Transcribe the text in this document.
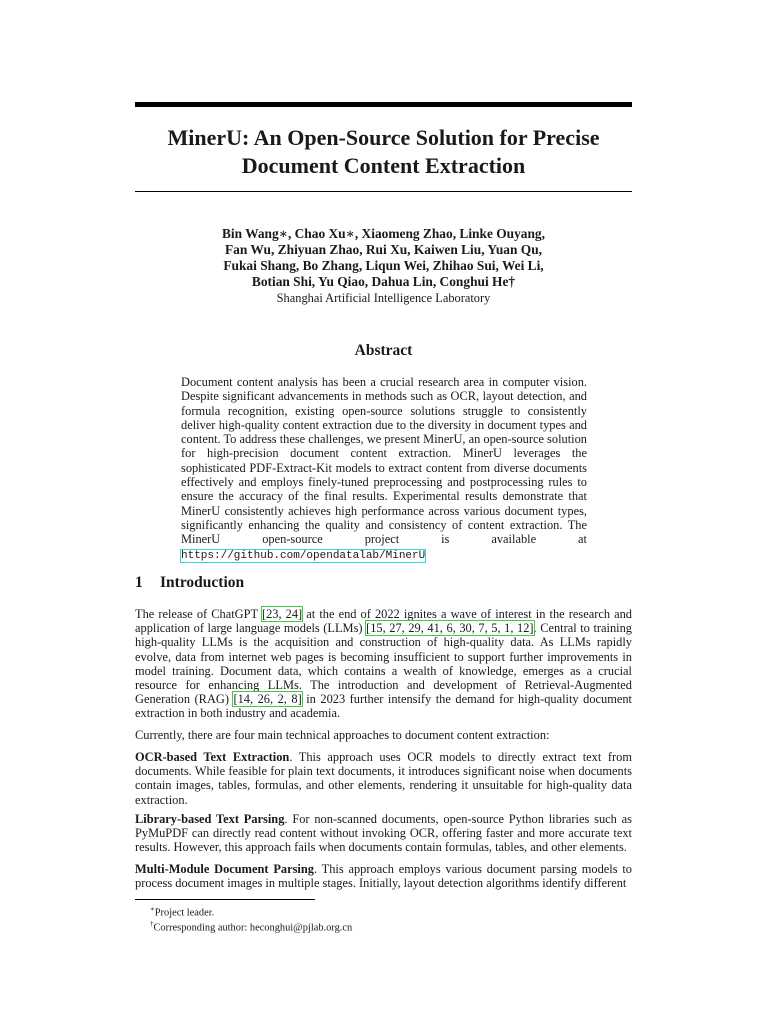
MinerU: An Open-Source Solution for Precise
Document Content Extraction
Bin Wang∗, Chao Xu∗, Xiaomeng Zhao, Linke Ouyang,
Fan Wu, Zhiyuan Zhao, Rui Xu, Kaiwen Liu, Yuan Qu,
Fukai Shang, Bo Zhang, Liqun Wei, Zhihao Sui, Wei Li,
Botian Shi, Yu Qiao, Dahua Lin, Conghui He†
Shanghai Artificial Intelligence Laboratory
Abstract
Document content analysis has been a crucial research area in computer vision. Despite significant advancements in methods such as OCR, layout detection, and formula recognition, existing open-source solutions struggle to consistently deliver high-quality content extraction due to the diversity in document types and content. To address these challenges, we present MinerU, an open-source solution for high-precision document content extraction. MinerU leverages the sophisticated PDF-Extract-Kit models to extract content from diverse documents effectively and employs finely-tuned preprocessing and postprocessing rules to ensure the accuracy of the final results. Experimental results demonstrate that MinerU consistently achieves high performance across various document types, significantly enhancing the quality and consistency of content extraction. The MinerU open-source project is available at https://github.com/opendatalab/MinerU
1 Introduction

The release of ChatGPT [23, 24] at the end of 2022 ignites a wave of interest in the research and application of large language models (LLMs) [15, 27, 29, 41, 6, 30, 7, 5, 1, 12]. Central to training high-quality LLMs is the acquisition and construction of high-quality data. As LLMs rapidly evolve, data from internet web pages is becoming insufficient to support further improvements in model training. Document data, which contains a wealth of knowledge, emerges as a crucial resource for enhancing LLMs. The introduction and development of Retrieval-Augmented Generation (RAG) [14, 26, 2, 8] in 2023 further intensify the demand for high-quality document extraction in both industry and academia.

Currently, there are four main technical approaches to document content extraction:

OCR-based Text Extraction. This approach uses OCR models to directly extract text from documents. While feasible for plain text documents, it introduces significant noise when documents contain images, tables, formulas, and other elements, rendering it unsuitable for high-quality data extraction.

Library-based Text Parsing. For non-scanned documents, open-source Python libraries such as PyMuPDF can directly read content without invoking OCR, offering faster and more accurate text results. However, this approach fails when documents contain formulas, tables, and other elements.

Multi-Module Document Parsing. This approach employs various document parsing models to process document images in multiple stages. Initially, layout detection algorithms identify different

∗Project leader.
†Corresponding author: heconghui@pjlab.org.cn
